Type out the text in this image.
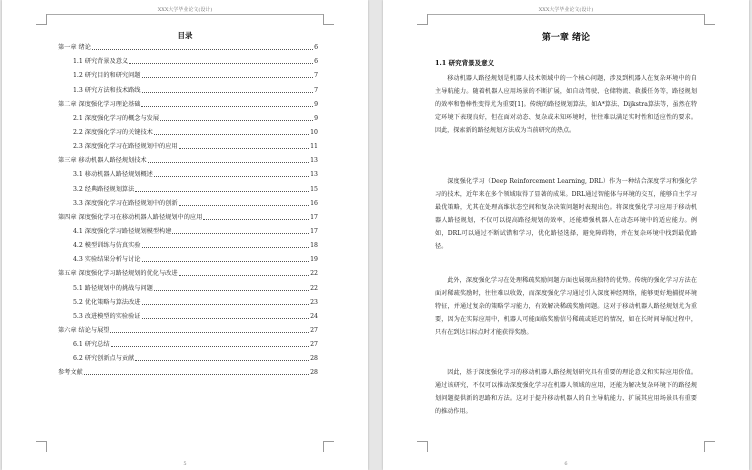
XXX大学毕业论文(设计)
目录
第一章 绪论	6
1.1 研究背景及意义	6
1.2 研究目的和研究问题	7
1.3 研究方法和技术路线	7
第二章 深度强化学习理论基础	9
2.1 深度强化学习的概念与发展	9
2.2 深度强化学习的关键技术	10
2.3 深度强化学习在路径规划中的应用	11
第三章 移动机器人路径规划技术	13
3.1 移动机器人路径规划概述	13
3.2 经典路径规划算法	15
3.3 深度强化学习在路径规划中的创新	16
第四章 深度强化学习在移动机器人路径规划中的应用	17
4.1 深度强化学习路径规划模型构建	17
4.2 模型训练与仿真实验	18
4.3 实验结果分析与讨论	19
第五章 深度强化学习路径规划的优化与改进	22
5.1 路径规划中的挑战与问题	22
5.2 优化策略与算法改进	23
5.3 改进模型的实验验证	24
第六章 结论与展望	27
6.1 研究总结	27
6.2 研究创新点与贡献	28
参考文献	28
5
XXX大学毕业论文(设计)
第一章 绪论
1.1 研究背景及意义

移动机器人路径规划是机器人技术领域中的一个核心问题，涉及到机器人在复杂环境中的自主导航能力。随着机器人应用场景的不断扩展，如自动驾驶、仓储物流、救援任务等，路径规划的效率和鲁棒性变得尤为重要[1]。传统的路径规划算法，如A*算法、Dijkstra算法等，虽然在特定环境下表现良好，但在面对动态、复杂或未知环境时，往往难以满足实时性和适应性的要求。因此，探索新的路径规划方法成为当前研究的热点。

深度强化学习（Deep Reinforcement Learning, DRL）作为一种结合深度学习和强化学习的技术，近年来在多个领域取得了显著的成果。DRL通过智能体与环境的交互，能够自主学习最优策略，尤其在处理高维状态空间和复杂决策问题时表现出色。将深度强化学习应用于移动机器人路径规划，不仅可以提高路径规划的效率，还能增强机器人在动态环境中的适应能力。例如，DRL可以通过不断试错和学习，优化路径选择，避免障碍物，并在复杂环境中找到最优路径。

此外，深度强化学习在处理稀疏奖励问题方面也展现出独特的优势。传统的强化学习方法在面对稀疏奖励时，往往难以收敛，而深度强化学习通过引入深度神经网络，能够更好地捕捉环境特征，并通过复杂的策略学习能力，有效解决稀疏奖励问题。这对于移动机器人路径规划尤为重要，因为在实际应用中，机器人可能面临奖励信号稀疏或延迟的情况，如在长时间导航过程中，只有在到达目标点时才能获得奖励。

因此，基于深度强化学习的移动机器人路径规划研究具有重要的理论意义和实际应用价值。通过该研究，不仅可以推动深度强化学习在机器人领域的应用，还能为解决复杂环境下的路径规划问题提供新的思路和方法。这对于提升移动机器人的自主导航能力、扩展其应用场景具有重要的推动作用。

6
